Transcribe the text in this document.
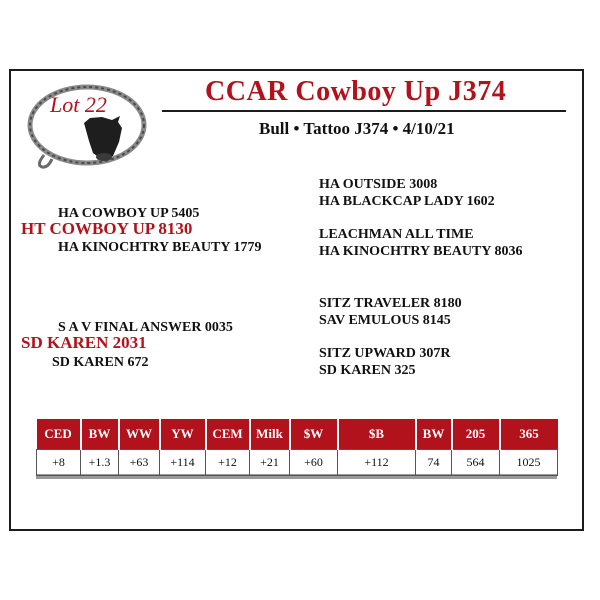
Lot 22	CCAR Cowboy Up J374
Bull • Tattoo J374 • 4/10/21
HA OUTSIDE 3008
HA BLACKCAP LADY 1602
HA COWBOY UP 5405
HT COWBOY UP 8130	LEACHMAN ALL TIME
HA KINOCHTRY BEAUTY 1779	HA KINOCHTRY BEAUTY 8036
SITZ TRAVELER 8180
SAV EMULOUS 8145
S A V FINAL ANSWER 0035
SD KAREN 2031
SITZ UPWARD 307R
SD KAREN 672
SD KAREN 325
CED	BW	WW	YW	CEM	Milk	$W	$B	BW	205	365
+8	+1.3	+63	+114	+12	+21	+60	+112	74	564	1025
